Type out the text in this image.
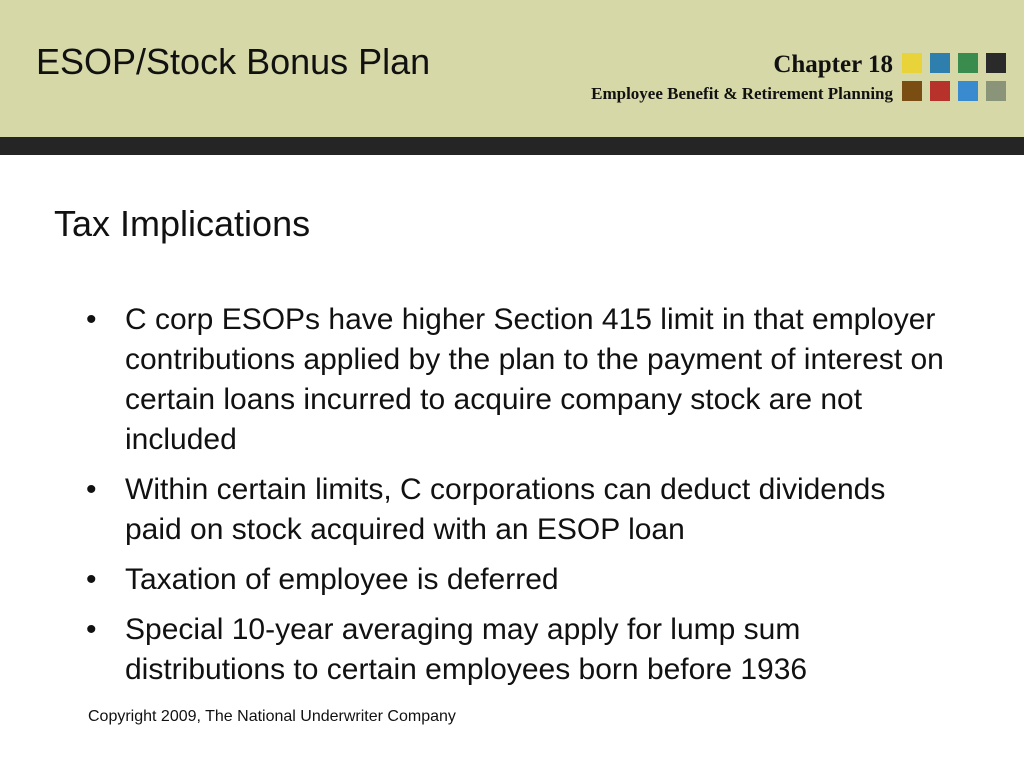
ESOP/Stock Bonus Plan	Chapter 18
Employee Benefit & Retirement Planning
Tax Implications
• C corp ESOPs have higher Section 415 limit in that employer contributions applied by the plan to the payment of interest on certain loans incurred to acquire company stock are not included
• Within certain limits, C corporations can deduct dividends paid on stock acquired with an ESOP loan
• Taxation of employee is deferred
• Special 10-year averaging may apply for lump sum distributions to certain employees born before 1936
Copyright 2009, The National Underwriter Company
